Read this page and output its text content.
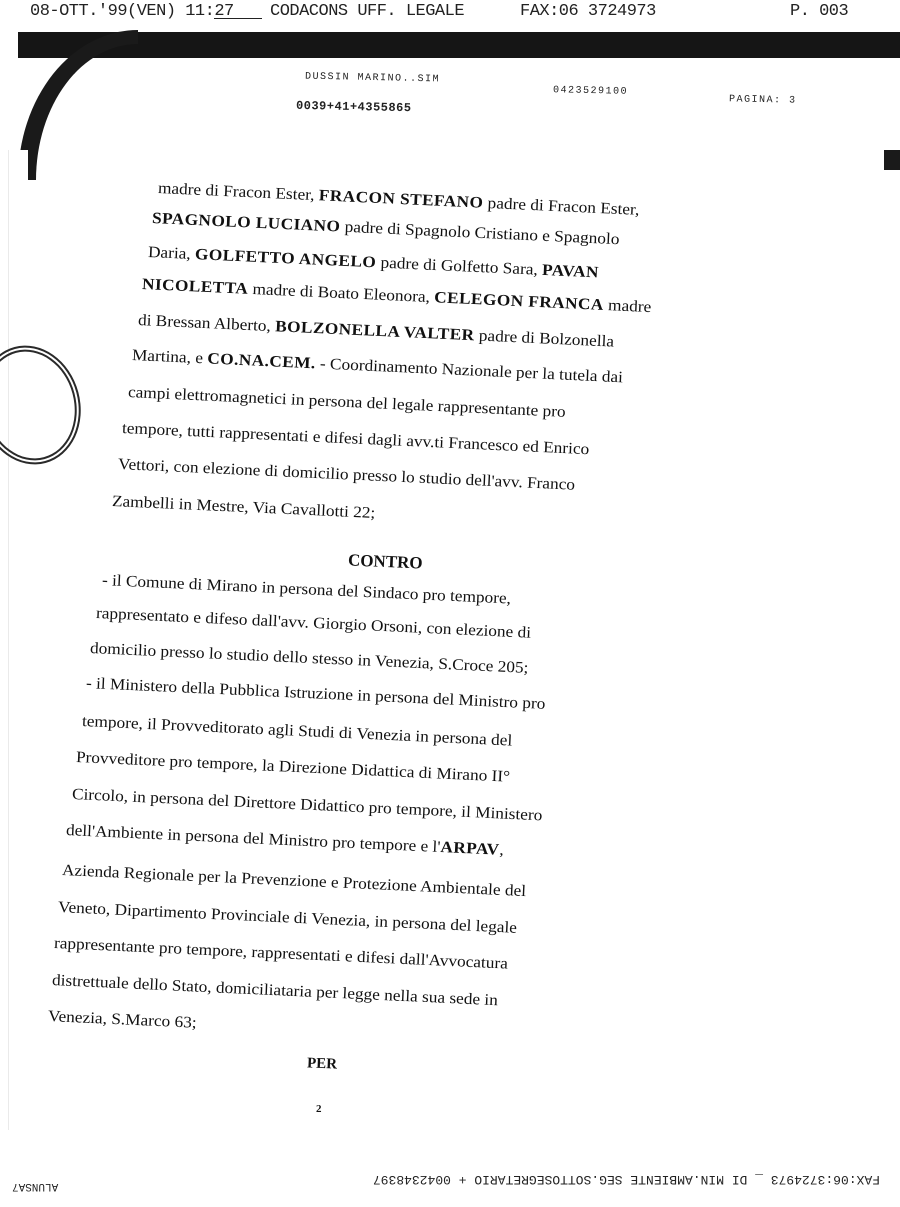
08-OTT.'99(VEN) 11:27 CODACONS UFF. LEGALE	FAX:06 3724973	P. 003
DUSSIN MARINO..SIM
0423529100
PAGINA: 3
0039+41+4355865
madre di Fracon Ester, FRACON STEFANO padre di Fracon Ester,
SPAGNOLO LUCIANO padre di Spagnolo Cristiano e Spagnolo
Daria, GOLFETTO ANGELO padre di Golfetto Sara, PAVAN
NICOLETTA madre di Boato Eleonora, CELEGON FRANCA madre
di Bressan Alberto, BOLZONELLA VALTER padre di Bolzonella
Martina, e CO.NA.CEM. - Coordinamento Nazionale per la tutela dai
campi elettromagnetici in persona del legale rappresentante pro
tempore, tutti rappresentati e difesi dagli avv.ti Francesco ed Enrico
Vettori, con elezione di domicilio presso lo studio dell'avv. Franco
Zambelli in Mestre, Via Cavallotti 22;
- il Comune di Mirano in persona del Sindaco pro tempore,
rappresentato e difeso dall'avv. Giorgio Orsoni, con elezione di
domicilio presso lo studio dello stesso in Venezia, S.Croce 205;
- il Ministero della Pubblica Istruzione in persona del Ministro pro
tempore, il Provveditorato agli Studi di Venezia in persona del
Provveditore pro tempore, la Direzione Didattica di Mirano II°
Circolo, in persona del Direttore Didattico pro tempore, il Ministero
dell'Ambiente in persona del Ministro pro tempore e l'ARPAV,
Azienda Regionale per la Prevenzione e Protezione Ambientale del
Veneto, Dipartimento Provinciale di Venezia, in persona del legale
rappresentante pro tempore, rappresentati e difesi dall'Avvocatura
distrettuale dello Stato, domiciliataria per legge nella sua sede in
Venezia, S.Marco 63;
CONTRO
PER
2
FAX:06:3724973 _ DI MIN.AMBIENTE SEG.SOTTOSEGRETARIO + 0042348397
ALUNSA7
